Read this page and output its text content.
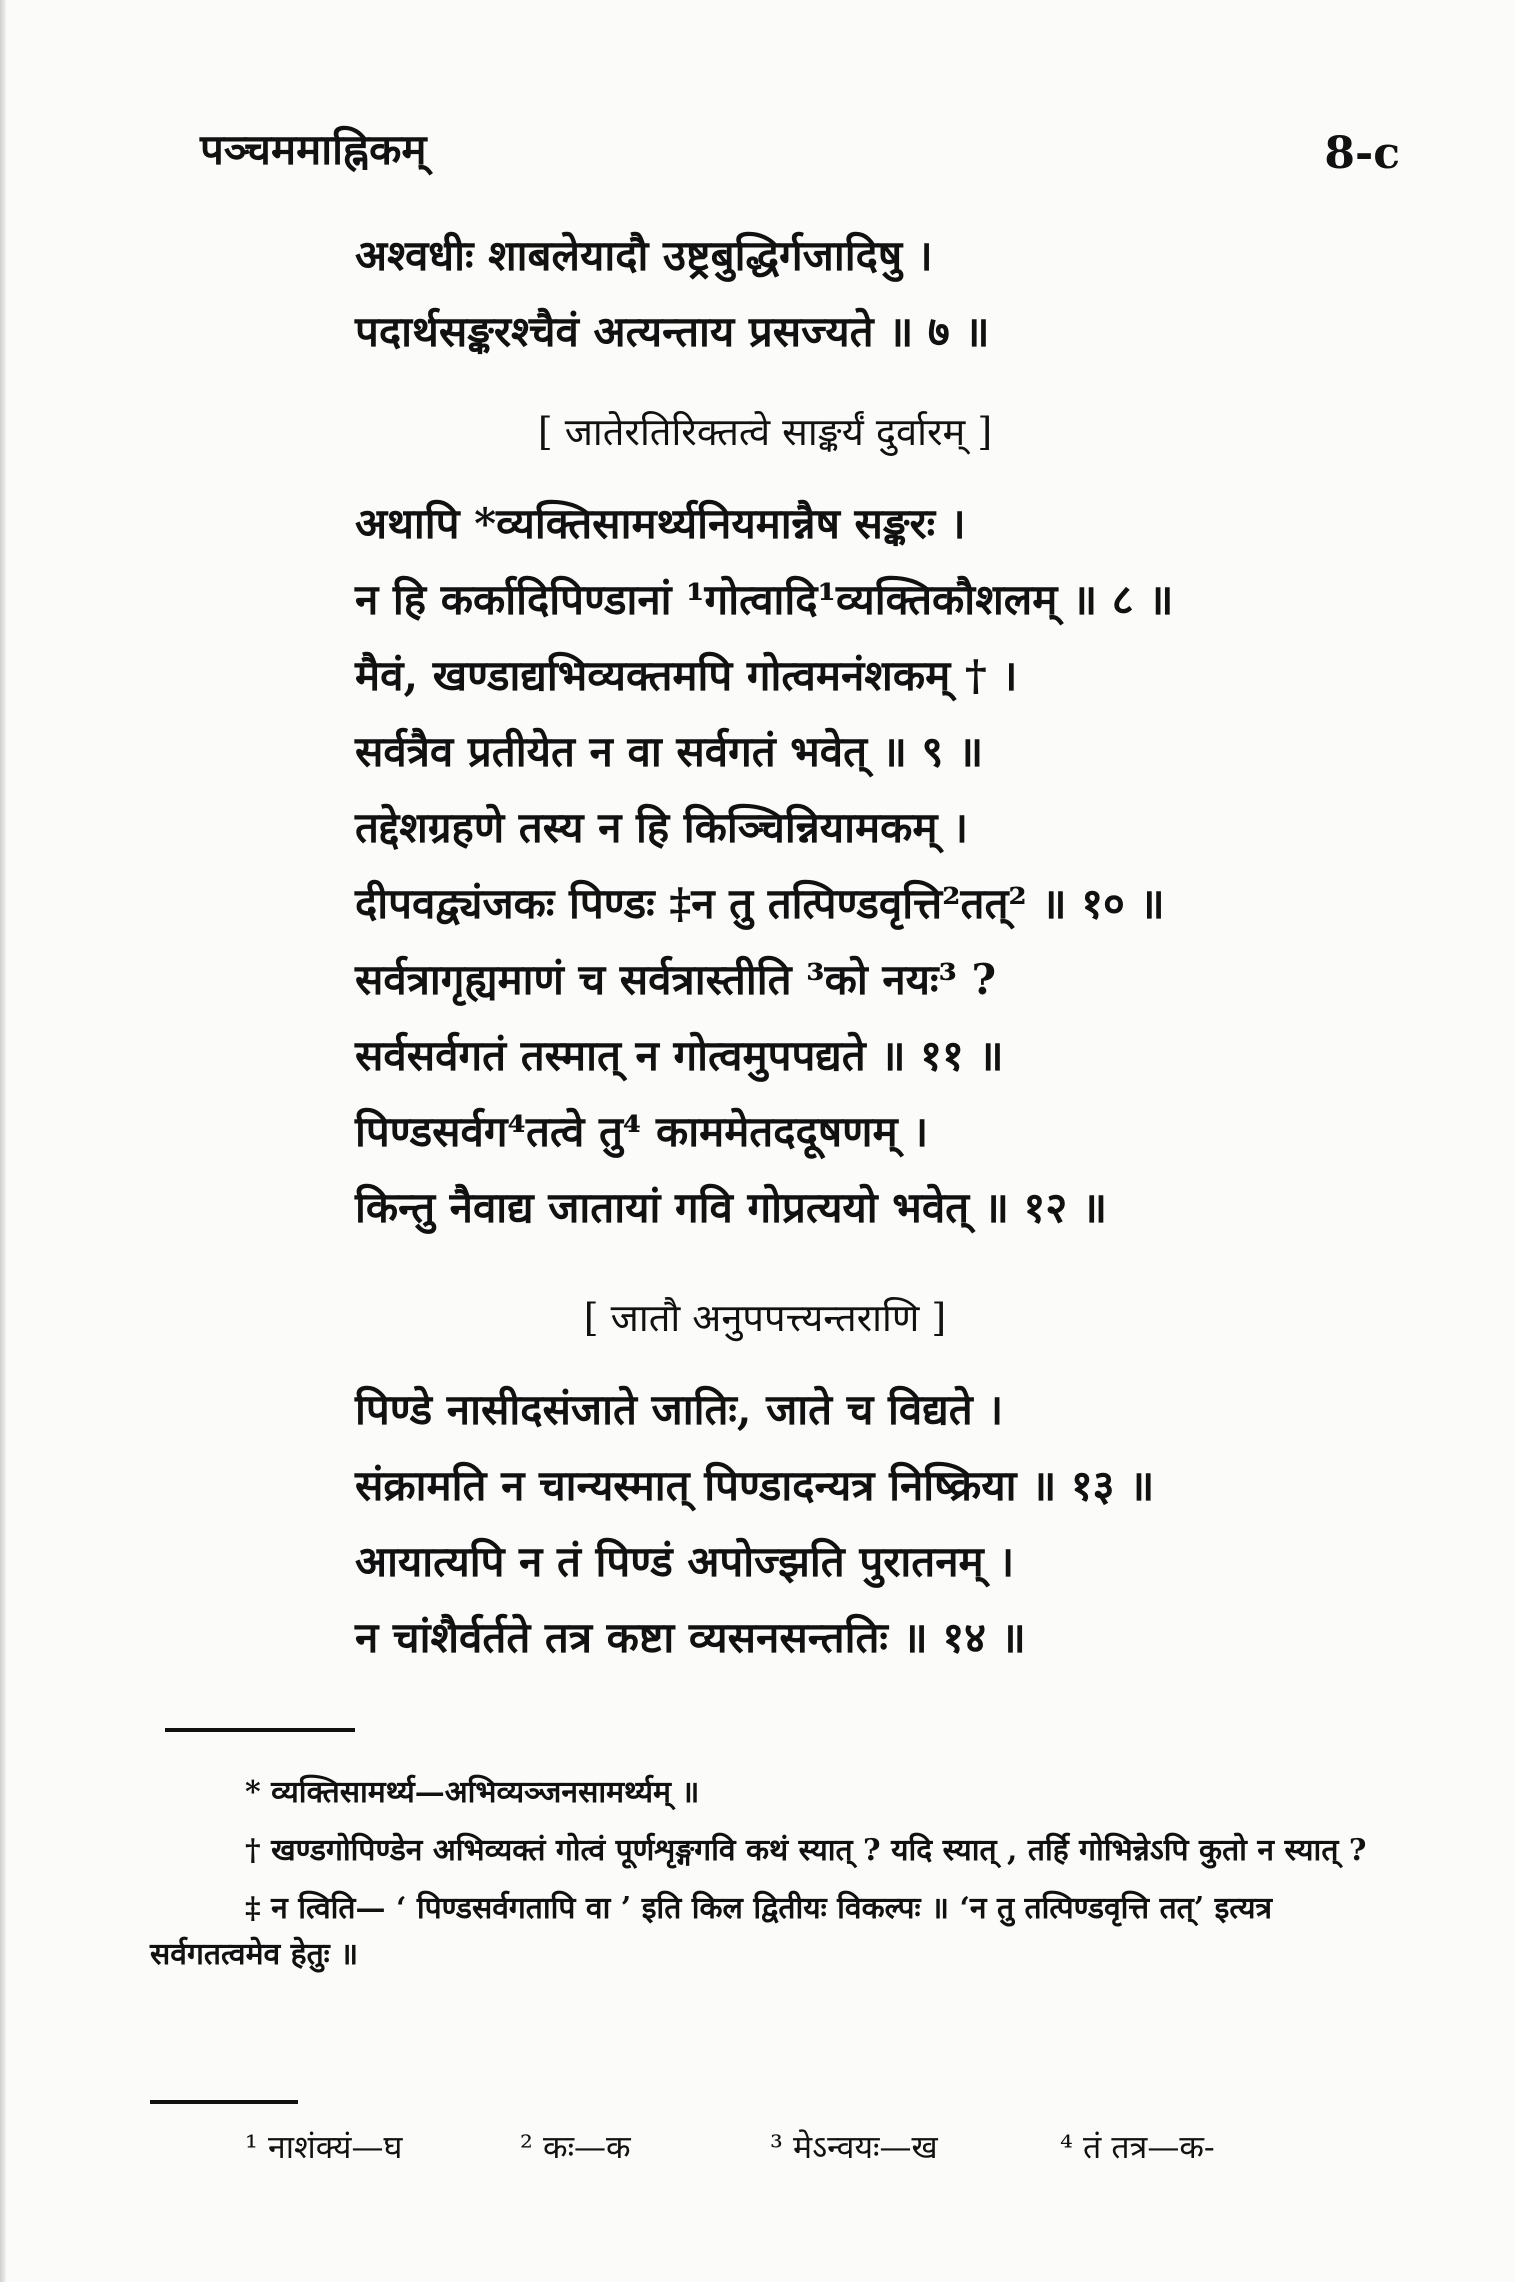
पञ्चममाह्निकम्	8-c
अश्वधीः शाबलेयादौ उष्ट्रबुद्धिर्गजादिषु ।
पदार्थसङ्करश्चैवं अत्यन्ताय प्रसज्यते ॥ ७ ॥
[ जातेरतिरिक्तत्वे साङ्कर्यं दुर्वारम् ]
अथापि *व्यक्तिसामर्थ्यनियमान्नैष सङ्करः ।
न हि कर्कादिपिण्डानां ¹गोत्वादि¹व्यक्तिकौशलम् ॥ ८ ॥
मैवं, खण्डाद्यभिव्यक्तमपि गोत्वमनंशकम् † ।
सर्वत्रैव प्रतीयेत न वा सर्वगतं भवेत् ॥ ९ ॥
तद्देशग्रहणे तस्य न हि किञ्चिन्नियामकम् ।
दीपवद्व्यंजकः पिण्डः ‡न तु तत्पिण्डवृत्ति²तत्² ॥ १० ॥
सर्वत्रागृह्यमाणं च सर्वत्रास्तीति ³को नयः³ ?
सर्वसर्वगतं तस्मात् न गोत्वमुपपद्यते ॥ ११ ॥
पिण्डसर्वग⁴तत्वे तु⁴ काममेतददूषणम् ।
किन्तु नैवाद्य जातायां गवि गोप्रत्ययो भवेत् ॥ १२ ॥
[ जातौ अनुपपत्त्यन्तराणि ]
पिण्डे नासीदसंजाते जातिः, जाते च विद्यते ।
संक्रामति न चान्यस्मात् पिण्डादन्यत्र निष्क्रिया ॥ १३ ॥
आयात्यपि न तं पिण्डं अपोज्झति पुरातनम् ।
न चांशैर्वर्तते तत्र कष्टा व्यसनसन्ततिः ॥ १४ ॥
* व्यक्तिसामर्थ्य—अभिव्यञ्जनसामर्थ्यम् ॥
† खण्डगोपिण्डेन अभिव्यक्तं गोत्वं पूर्णशृङ्गगवि कथं स्यात् ? यदि स्यात् , तर्हि गोभिन्नेऽपि कुतो न स्यात् ?
‡ न त्विति— ‘ पिण्डसर्वगतापि वा ’ इति किल द्वितीयः विकल्पः ॥ ‘न तु तत्पिण्डवृत्ति तत्’ इत्यत्र सर्वगतत्वमेव हेतुः ॥
¹ नाशंक्यं—घ	² कः—क	³ मेऽन्वयः—ख	⁴ तं तत्र—क-
